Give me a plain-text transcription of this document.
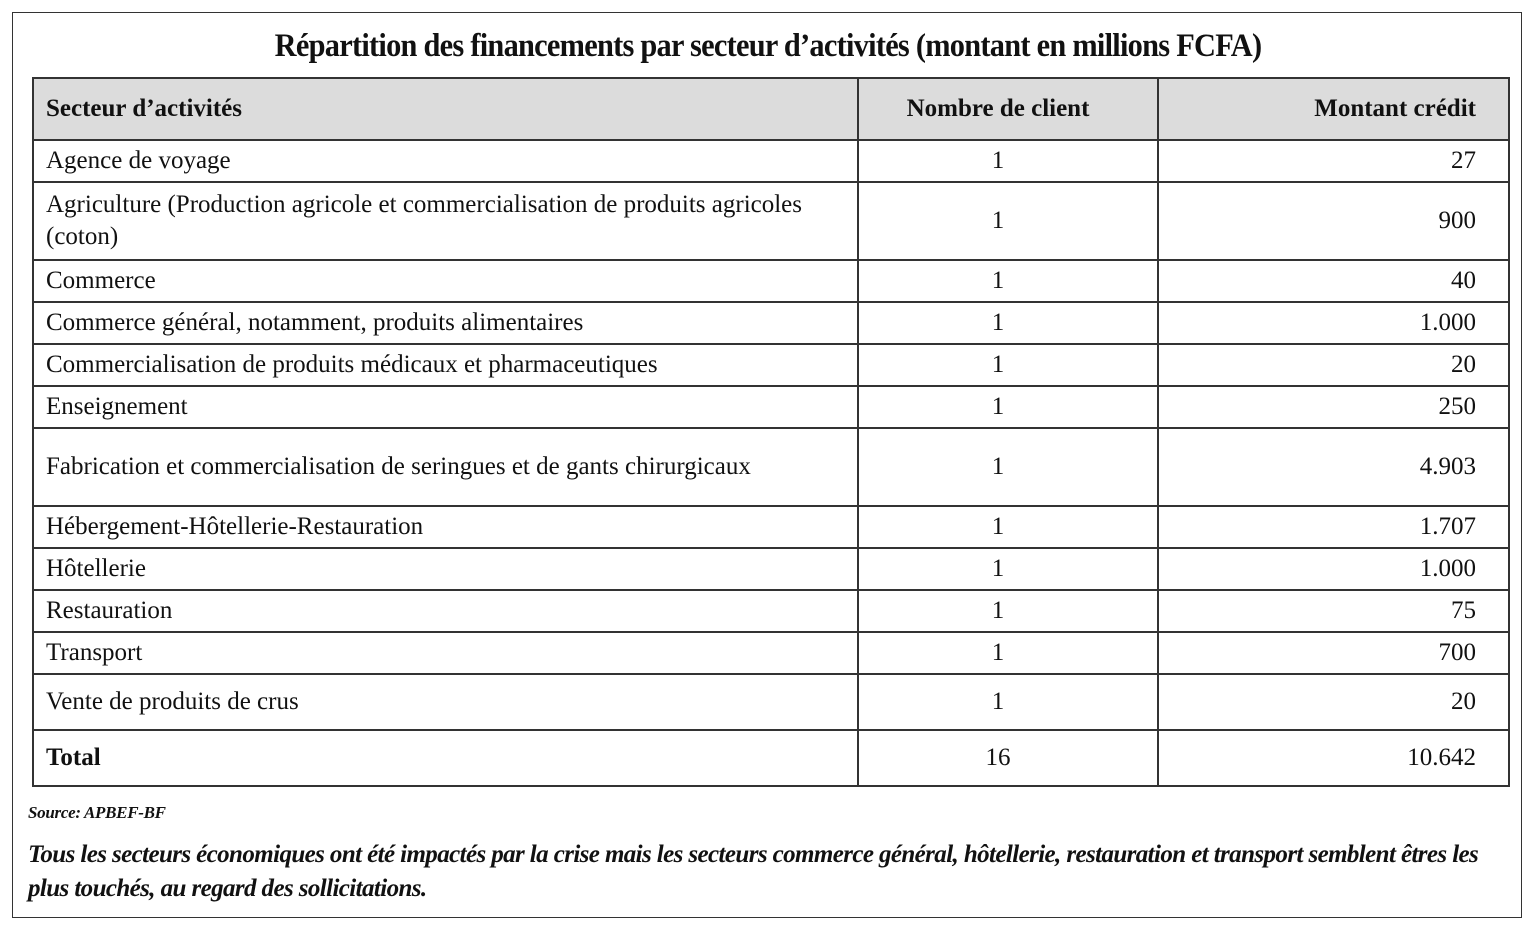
Répartition des financements par secteur d’activités (montant en millions FCFA)
Secteur d’activités	Nombre de client	Montant crédit
Agence de voyage	1	27
Agriculture (Production agricole et commercialisation de produits agricoles (coton)	1	900
Commerce	1	40
Commerce général, notamment, produits alimentaires	1	1.000
Commercialisation de produits médicaux et pharmaceutiques	1	20
Enseignement	1	250
Fabrication et commercialisation de seringues et de gants chirurgicaux	1	4.903
Hébergement-Hôtellerie-Restauration	1	1.707
Hôtellerie	1	1.000
Restauration	1	75
Transport	1	700
Vente de produits de crus	1	20
Total	16	10.642
Source: APBEF-BF
Tous les secteurs économiques ont été impactés par la crise mais les secteurs commerce général, hôtellerie, restauration et transport semblent êtres les plus touchés, au regard des sollicitations.
